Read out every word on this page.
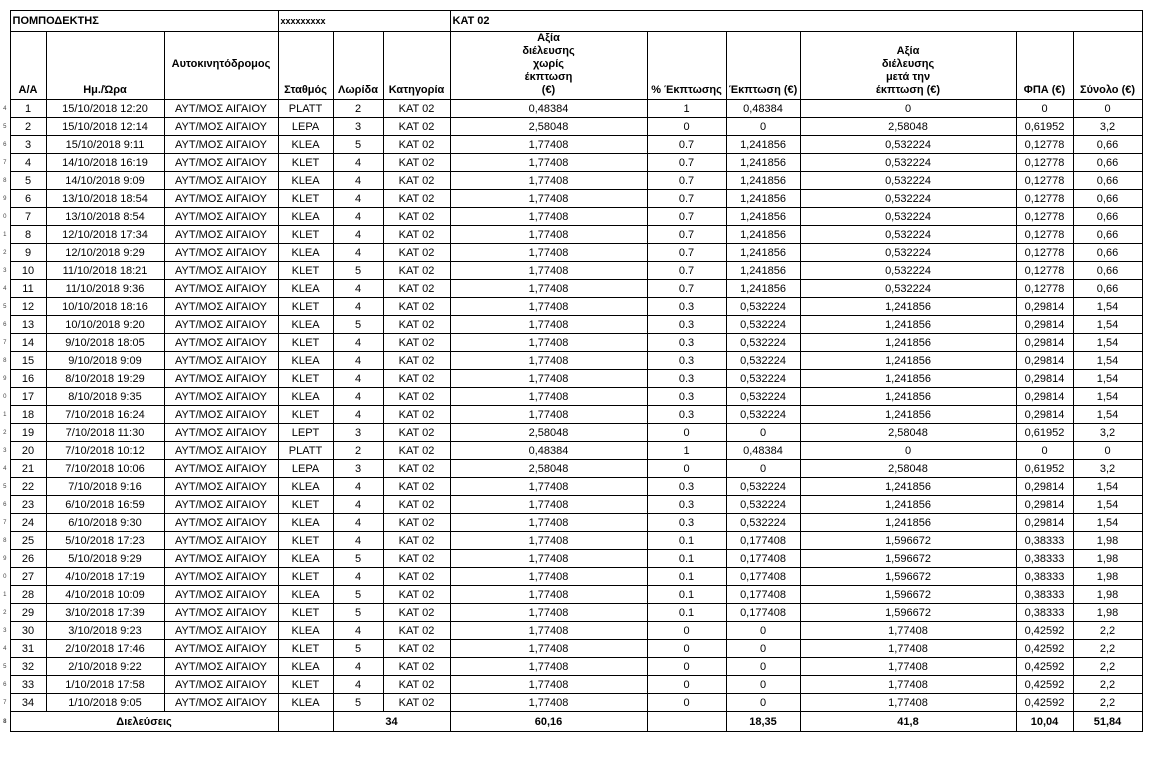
	ΠΟΜΠΟΔΕΚΤΗΣ			xxxxxxxxx			ΚΑΤ 02					
	Α/Α	Ημ./Ώρα	Αυτοκινητόδρομος	Σταθμός	Λωρίδα	Κατηγορία	Αξία διέλευσης χωρίς έκπτωση (€)	% Έκπτωσης	Έκπτωση (€)	Αξία διέλευσης μετά την έκπτωση (€)	ΦΠΑ (€)	Σύνολο (€)
4	1	15/10/2018 12:20	ΑΥΤ/ΜΟΣ ΑΙΓΑΙΟΥ	PLATT	2	ΚΑΤ 02	0,48384	1	0,48384	0	0	0
5	2	15/10/2018 12:14	ΑΥΤ/ΜΟΣ ΑΙΓΑΙΟΥ	LEPA	3	ΚΑΤ 02	2,58048	0	0	2,58048	0,61952	3,2
6	3	15/10/2018 9:11	ΑΥΤ/ΜΟΣ ΑΙΓΑΙΟΥ	KLEA	5	ΚΑΤ 02	1,77408	0.7	1,241856	0,532224	0,12778	0,66
7	4	14/10/2018 16:19	ΑΥΤ/ΜΟΣ ΑΙΓΑΙΟΥ	KLET	4	ΚΑΤ 02	1,77408	0.7	1,241856	0,532224	0,12778	0,66
8	5	14/10/2018 9:09	ΑΥΤ/ΜΟΣ ΑΙΓΑΙΟΥ	KLEA	4	ΚΑΤ 02	1,77408	0.7	1,241856	0,532224	0,12778	0,66
9	6	13/10/2018 18:54	ΑΥΤ/ΜΟΣ ΑΙΓΑΙΟΥ	KLET	4	ΚΑΤ 02	1,77408	0.7	1,241856	0,532224	0,12778	0,66
0	7	13/10/2018 8:54	ΑΥΤ/ΜΟΣ ΑΙΓΑΙΟΥ	KLEA	4	ΚΑΤ 02	1,77408	0.7	1,241856	0,532224	0,12778	0,66
1	8	12/10/2018 17:34	ΑΥΤ/ΜΟΣ ΑΙΓΑΙΟΥ	KLET	4	ΚΑΤ 02	1,77408	0.7	1,241856	0,532224	0,12778	0,66
2	9	12/10/2018 9:29	ΑΥΤ/ΜΟΣ ΑΙΓΑΙΟΥ	KLEA	4	ΚΑΤ 02	1,77408	0.7	1,241856	0,532224	0,12778	0,66
3	10	11/10/2018 18:21	ΑΥΤ/ΜΟΣ ΑΙΓΑΙΟΥ	KLET	5	ΚΑΤ 02	1,77408	0.7	1,241856	0,532224	0,12778	0,66
4	11	11/10/2018 9:36	ΑΥΤ/ΜΟΣ ΑΙΓΑΙΟΥ	KLEA	4	ΚΑΤ 02	1,77408	0.7	1,241856	0,532224	0,12778	0,66
5	12	10/10/2018 18:16	ΑΥΤ/ΜΟΣ ΑΙΓΑΙΟΥ	KLET	4	ΚΑΤ 02	1,77408	0.3	0,532224	1,241856	0,29814	1,54
6	13	10/10/2018 9:20	ΑΥΤ/ΜΟΣ ΑΙΓΑΙΟΥ	KLEA	5	ΚΑΤ 02	1,77408	0.3	0,532224	1,241856	0,29814	1,54
7	14	9/10/2018 18:05	ΑΥΤ/ΜΟΣ ΑΙΓΑΙΟΥ	KLET	4	ΚΑΤ 02	1,77408	0.3	0,532224	1,241856	0,29814	1,54
8	15	9/10/2018 9:09	ΑΥΤ/ΜΟΣ ΑΙΓΑΙΟΥ	KLEA	4	ΚΑΤ 02	1,77408	0.3	0,532224	1,241856	0,29814	1,54
9	16	8/10/2018 19:29	ΑΥΤ/ΜΟΣ ΑΙΓΑΙΟΥ	KLET	4	ΚΑΤ 02	1,77408	0.3	0,532224	1,241856	0,29814	1,54
0	17	8/10/2018 9:35	ΑΥΤ/ΜΟΣ ΑΙΓΑΙΟΥ	KLEA	4	ΚΑΤ 02	1,77408	0.3	0,532224	1,241856	0,29814	1,54
1	18	7/10/2018 16:24	ΑΥΤ/ΜΟΣ ΑΙΓΑΙΟΥ	KLET	4	ΚΑΤ 02	1,77408	0.3	0,532224	1,241856	0,29814	1,54
2	19	7/10/2018 11:30	ΑΥΤ/ΜΟΣ ΑΙΓΑΙΟΥ	LEPT	3	ΚΑΤ 02	2,58048	0	0	2,58048	0,61952	3,2
3	20	7/10/2018 10:12	ΑΥΤ/ΜΟΣ ΑΙΓΑΙΟΥ	PLATT	2	ΚΑΤ 02	0,48384	1	0,48384	0	0	0
4	21	7/10/2018 10:06	ΑΥΤ/ΜΟΣ ΑΙΓΑΙΟΥ	LEPA	3	ΚΑΤ 02	2,58048	0	0	2,58048	0,61952	3,2
5	22	7/10/2018 9:16	ΑΥΤ/ΜΟΣ ΑΙΓΑΙΟΥ	KLEA	4	ΚΑΤ 02	1,77408	0.3	0,532224	1,241856	0,29814	1,54
6	23	6/10/2018 16:59	ΑΥΤ/ΜΟΣ ΑΙΓΑΙΟΥ	KLET	4	ΚΑΤ 02	1,77408	0.3	0,532224	1,241856	0,29814	1,54
7	24	6/10/2018 9:30	ΑΥΤ/ΜΟΣ ΑΙΓΑΙΟΥ	KLEA	4	ΚΑΤ 02	1,77408	0.3	0,532224	1,241856	0,29814	1,54
8	25	5/10/2018 17:23	ΑΥΤ/ΜΟΣ ΑΙΓΑΙΟΥ	KLET	4	ΚΑΤ 02	1,77408	0.1	0,177408	1,596672	0,38333	1,98
9	26	5/10/2018 9:29	ΑΥΤ/ΜΟΣ ΑΙΓΑΙΟΥ	KLEA	5	ΚΑΤ 02	1,77408	0.1	0,177408	1,596672	0,38333	1,98
0	27	4/10/2018 17:19	ΑΥΤ/ΜΟΣ ΑΙΓΑΙΟΥ	KLET	4	ΚΑΤ 02	1,77408	0.1	0,177408	1,596672	0,38333	1,98
1	28	4/10/2018 10:09	ΑΥΤ/ΜΟΣ ΑΙΓΑΙΟΥ	KLEA	5	ΚΑΤ 02	1,77408	0.1	0,177408	1,596672	0,38333	1,98
2	29	3/10/2018 17:39	ΑΥΤ/ΜΟΣ ΑΙΓΑΙΟΥ	KLET	5	ΚΑΤ 02	1,77408	0.1	0,177408	1,596672	0,38333	1,98
3	30	3/10/2018 9:23	ΑΥΤ/ΜΟΣ ΑΙΓΑΙΟΥ	KLEA	4	ΚΑΤ 02	1,77408	0	0	1,77408	0,42592	2,2
4	31	2/10/2018 17:46	ΑΥΤ/ΜΟΣ ΑΙΓΑΙΟΥ	KLET	5	ΚΑΤ 02	1,77408	0	0	1,77408	0,42592	2,2
5	32	2/10/2018 9:22	ΑΥΤ/ΜΟΣ ΑΙΓΑΙΟΥ	KLEA	4	ΚΑΤ 02	1,77408	0	0	1,77408	0,42592	2,2
6	33	1/10/2018 17:58	ΑΥΤ/ΜΟΣ ΑΙΓΑΙΟΥ	KLET	4	ΚΑΤ 02	1,77408	0	0	1,77408	0,42592	2,2
7	34	1/10/2018 9:05	ΑΥΤ/ΜΟΣ ΑΙΓΑΙΟΥ	KLEA	5	ΚΑΤ 02	1,77408	0	0	1,77408	0,42592	2,2
8	Διελεύσεις				34		60,16		18,35	41,8	10,04	51,84
